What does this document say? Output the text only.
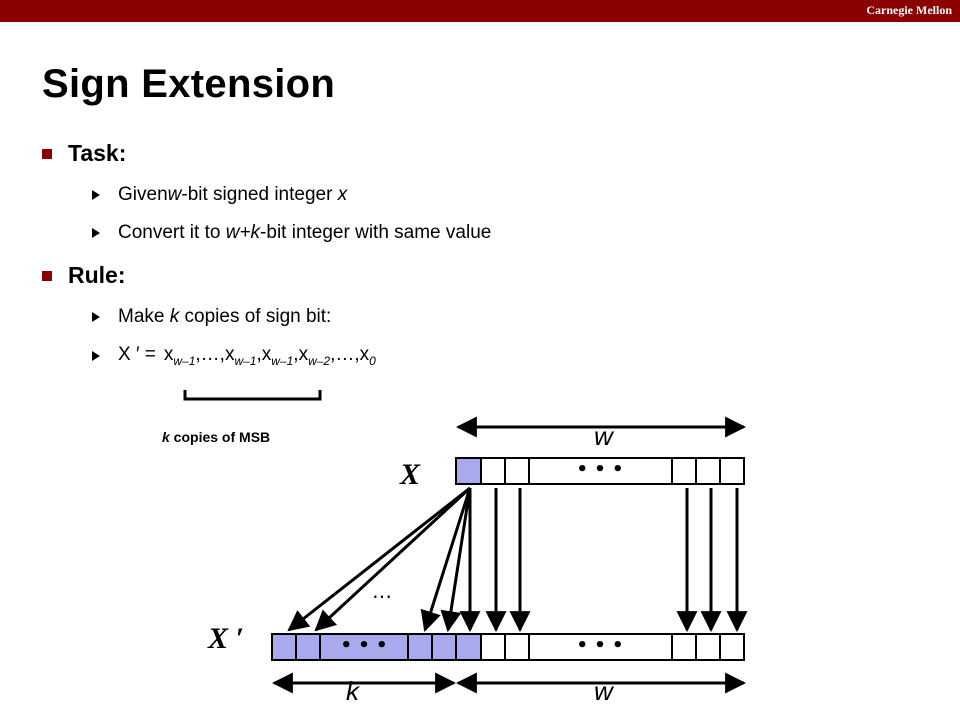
Carnegie Mellon
Sign Extension
Task:
Given w -bit signed integer x
Convert it to w+k -bit integer with same value
Rule:
Make k copies of sign bit:
X ′ = $x_{w-1},\dots,x_{w-1},x_{w-1},x_{w-2},\dots,x_0$
k copies of MSB	w
X	• • •
…
X ′	• • •	• • •
k	w
